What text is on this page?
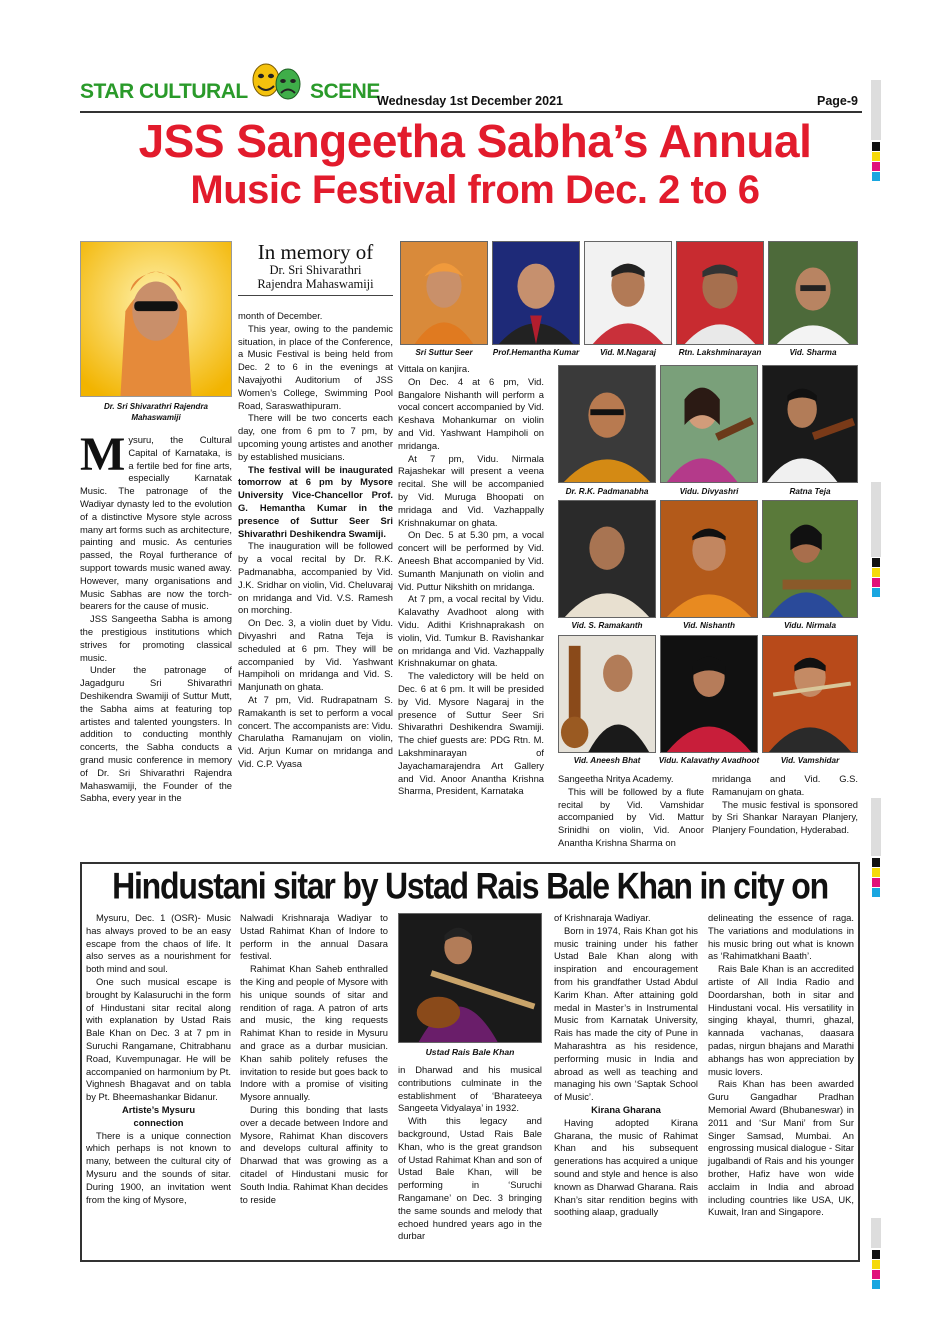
STAR CULTURAL	SCENE
Wednesday 1st December 2021	Page-9
JSS Sangeetha Sabha’s Annual
Music Festival from Dec. 2 to 6
Dr. Sri Shivarathri Rajendra Mahaswamiji
In memory of
Dr. Sri Shivarathri
Rajendra Mahaswamiji

Mysuru, the Cultural Capital of Karnataka, is a fertile bed for fine arts, especially Karnatak Music. The patronage of the Wadiyar dynasty led to the evolution of a distinctive Mysore style across many art forms such as architecture, painting and music. As centuries passed, the Royal furtherance of support towards music waned away. However, many organisations and Music Sabhas are now the torch-bearers for the cause of music.

JSS Sangeetha Sabha is among the prestigious institutions which strives for promoting classical music.

Under the patronage of Jagadguru Sri Shivarathri Deshikendra Swamiji of Suttur Mutt, the Sabha aims at featuring top artistes and talented youngsters. In addition to conducting monthly concerts, the Sabha conducts a grand music conference in memory of Dr. Sri Shivarathri Rajendra Mahaswamiji, the Founder of the Sabha, every year in the

month of December.

This year, owing to the pandemic situation, in place of the Conference, a Music Festival is being held from Dec. 2 to 6 in the evenings at Navajyothi Auditorium of JSS Women’s College, Swimming Pool Road, Saraswathipuram.

There will be two concerts each day, one from 6 pm to 7 pm, by upcoming young artistes and another by established musicians.

The festival will be inaugurated tomorrow at 6 pm by Mysore University Vice-Chancellor Prof. G. Hemantha Kumar in the presence of Suttur Seer Sri Shivarathri Deshikendra Swamiji.

The inauguration will be followed by a vocal recital by Dr. R.K. Padmanabha, accompanied by Vid. J.K. Sridhar on violin, Vid. Cheluvaraj on mridanga and Vid. V.S. Ramesh on morching.

On Dec. 3, a violin duet by Vidu. Divyashri and Ratna Teja is scheduled at 6 pm. They will be accompanied by Vid. Yashwant Hampiholi on mridanga and Vid. S. Manjunath on ghata.

At 7 pm, Vid. Rudrapatnam S. Ramakanth is set to perform a vocal concert. The accompanists are: Vidu. Charulatha Ramanujam on violin, Vid. Arjun Kumar on mridanga and Vid. C.P. Vyasa

Sri Suttur Seer	Prof.Hemantha Kumar	Vid. M.Nagaraj	Rtn. Lakshminarayan	Vid. Sharma

Vittala on kanjira.

On Dec. 4 at 6 pm, Vid. Bangalore Nishanth will perform a vocal concert accompanied by Vid. Keshava Mohankumar on violin and Vid. Yashwant Hampiholi on mridanga.

At 7 pm, Vidu. Nirmala Rajashekar will present a veena recital. She will be accompanied by Vid. Muruga Bhoopati on mridaga and Vid. Vazhappally Krishnakumar on ghata.

On Dec. 5 at 5.30 pm, a vocal concert will be performed by Vid. Aneesh Bhat accompanied by Vid. Sumanth Manjunath on violin and Vid. Puttur Nikshith on mridanga.

At 7 pm, a vocal recital by Vidu. Kalavathy Avadhoot along with Vidu. Adithi Krishnaprakash on violin, Vid. Tumkur B. Ravishankar on mridanga and Vid. Vazhappally Krishnakumar on ghata.

The valedictory will be held on Dec. 6 at 6 pm. It will be presided by Vid. Mysore Nagaraj in the presence of Suttur Seer Sri Shivarathri Deshikendra Swamiji. The chief guests are: PDG Rtn. M. Lakshminarayan of Jayachamarajendra Art Gallery and Vid. Anoor Anantha Krishna Sharma, President, Karnataka

Dr. R.K. Padmanabha	Vidu. Divyashri	Ratna Teja
Vid. S. Ramakanth	Vid. Nishanth	Vidu. Nirmala
Vid. Aneesh Bhat	Vidu. Kalavathy Avadhoot	Vid. Vamshidar

Sangeetha Nritya Academy.

This will be followed by a flute recital by Vid. Vamshidar accompanied by Vid. Mattur Srinidhi on violin, Vid. Anoor Anantha Krishna Sharma on

mridanga and Vid. G.S. Ramanujam on ghata.

The music festival is sponsored by Sri Shankar Narayan Planjery, Planjery Foundation, Hyderabad.

Hindustani sitar by Ustad Rais Bale Khan in city on

Mysuru, Dec. 1 (OSR)- Music has always proved to be an easy escape from the chaos of life. It also serves as a nourishment for both mind and soul.

One such musical escape is brought by Kalasuruchi in the form of Hindustani sitar recital along with explanation by Ustad Rais Bale Khan on Dec. 3 at 7 pm in Suruchi Rangamane, Chitrabhanu Road, Kuvempunagar. He will be accompanied on harmonium by Pt. Vighnesh Bhagavat and on tabla by Pt. Bheemashankar Bidanur.

Artiste’s Mysuru connection

There is a unique connection which perhaps is not known to many, between the cultural city of Mysuru and the sounds of sitar. During 1900, an invitation went from the king of Mysore,

Nalwadi Krishnaraja Wadiyar to Ustad Rahimat Khan of Indore to perform in the annual Dasara festival.

Rahimat Khan Saheb enthralled the King and people of Mysore with his unique sounds of sitar and rendition of raga. A patron of arts and music, the king requests Rahimat Khan to reside in Mysuru and grace as a durbar musician. Khan sahib politely refuses the invitation to reside but goes back to Indore with a promise of visiting Mysore annually.

During this bonding that lasts over a decade between Indore and Mysore, Rahimat Khan discovers and develops cultural affinity to Dharwad that was growing as a citadel of Hindustani music for South India. Rahimat Khan decides to reside

Ustad Rais Bale Khan

in Dharwad and his musical contributions culminate in the establishment of ‘Bharateeya Sangeeta Vidyalaya’ in 1932.

With this legacy and background, Ustad Rais Bale Khan, who is the great grandson of Ustad Rahimat Khan and son of Ustad Bale Khan, will be performing in ‘Suruchi Rangamane’ on Dec. 3 bringing the same sounds and melody that echoed hundred years ago in the durbar

of Krishnaraja Wadiyar.

Born in 1974, Rais Khan got his music training under his father Ustad Bale Khan along with inspiration and encouragement from his grandfather Ustad Abdul Karim Khan. After attaining gold medal in Master’s in Instrumental Music from Karnatak University, Rais has made the city of Pune in Maharashtra as his residence, performing music in India and abroad as well as teaching and managing his own ‘Saptak School of Music’.

Kirana Gharana

Having adopted Kirana Gharana, the music of Rahimat Khan and his subsequent generations has acquired a unique sound and style and hence is also known as Dharwad Gharana. Rais Khan’s sitar rendition begins with soothing alaap, gradually

delineating the essence of raga. The variations and modulations in his music bring out what is known as ‘Rahimatkhani Baath’.

Rais Bale Khan is an accredited artiste of All India Radio and Doordarshan, both in sitar and Hindustani vocal. His versatility in singing khayal, thumri, ghazal, kannada vachanas, daasara padas, nirgun bhajans and Marathi abhangs has won appreciation by music lovers.

Rais Khan has been awarded Guru Gangadhar Pradhan Memorial Award (Bhubaneswar) in 2011 and ‘Sur Mani’ from Sur Singer Samsad, Mumbai. An engrossing musical dialogue - Sitar jugalbandi of Rais and his younger brother, Hafiz have won wide acclaim in India and abroad including countries like USA, UK, Kuwait, Iran and Singapore.
